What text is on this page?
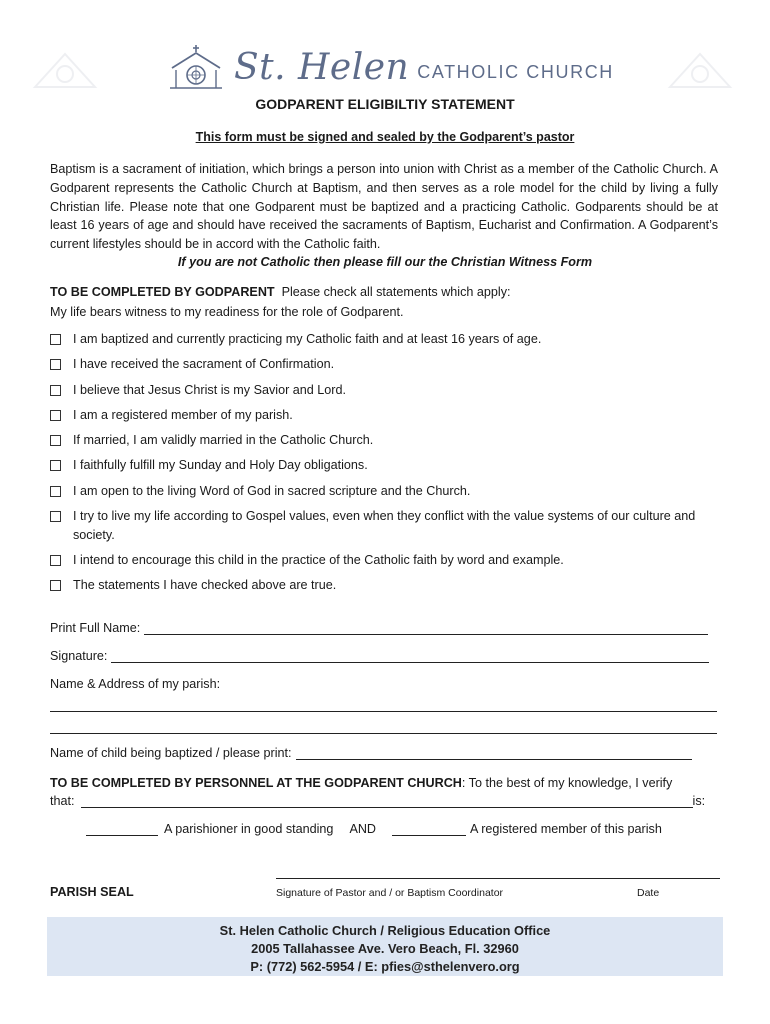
St. Helen CATHOLIC CHURCH
GODPARENT ELIGIBILTIY STATEMENT
This form must be signed and sealed by the Godparent’s pastor
Baptism is a sacrament of initiation, which brings a person into union with Christ as a member of the Catholic Church. A Godparent represents the Catholic Church at Baptism, and then serves as a role model for the child by living a fully Christian life. Please note that one Godparent must be baptized and a practicing Catholic. Godparents should be at least 16 years of age and should have received the sacraments of Baptism, Eucharist and Confirmation. A Godparent’s current lifestyles should be in accord with the Catholic faith.
If you are not Catholic then please fill our the Christian Witness Form
TO BE COMPLETED BY GODPARENT Please check all statements which apply:
My life bears witness to my readiness for the role of Godparent.
I am baptized and currently practicing my Catholic faith and at least 16 years of age.
I have received the sacrament of Confirmation.
I believe that Jesus Christ is my Savior and Lord.
I am a registered member of my parish.
If married, I am validly married in the Catholic Church.
I faithfully fulfill my Sunday and Holy Day obligations.
I am open to the living Word of God in sacred scripture and the Church.
I try to live my life according to Gospel values, even when they conflict with the value systems of our culture and society.
I intend to encourage this child in the practice of the Catholic faith by word and example.
The statements I have checked above are true.
Print Full Name:
Signature:
Name & Address of my parish:
Name of child being baptized / please print:
TO BE COMPLETED BY PERSONNEL AT THE GODPARENT CHURCH: To the best of my knowledge, I verify
that:	is:
A parishioner in good standing AND	A registered member of this parish
PARISH SEAL	Signature of Pastor and / or Baptism Coordinator	Date
St. Helen Catholic Church / Religious Education Office
2005 Tallahassee Ave. Vero Beach, Fl. 32960
P: (772) 562-5954 / E: pfies@sthelenvero.org
